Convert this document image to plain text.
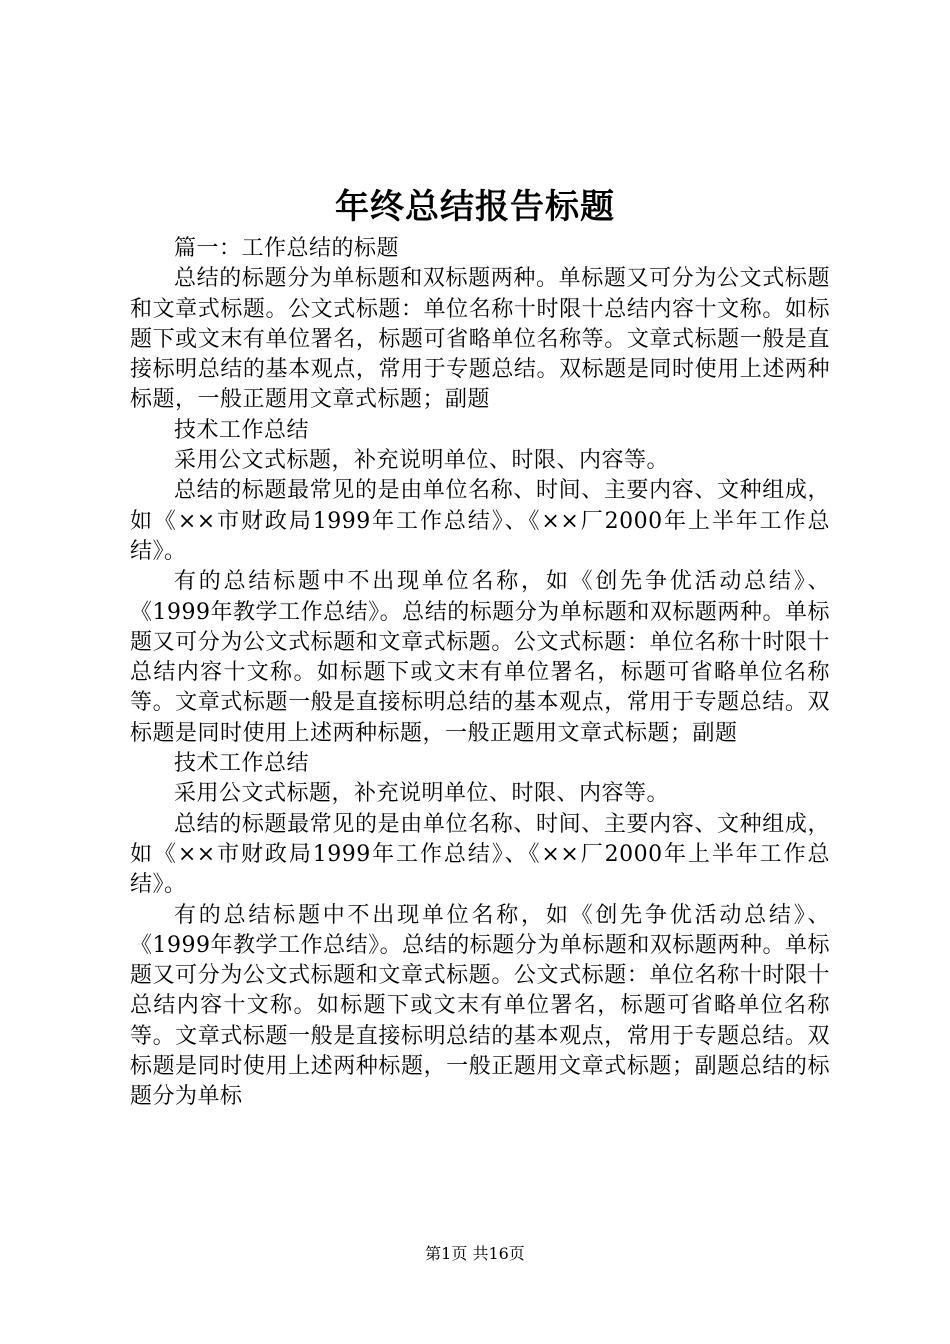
年终总结报告标题

篇一：工作总结的标题

总结的标题分为单标题和双标题两种。单标题又可分为公文式标题和文章式标题。公文式标题：单位名称十时限十总结内容十文称。如标题下或文末有单位署名，标题可省略单位名称等。文章式标题一般是直接标明总结的基本观点，常用于专题总结。双标题是同时使用上述两种标题，一般正题用文章式标题；副题

技术工作总结

采用公文式标题，补充说明单位、时限、内容等。

总结的标题最常见的是由单位名称、时间、主要内容、文种组成，如《××市财政局1999年工作总结》、《××厂2000年上半年工作总结》。

有的总结标题中不出现单位名称，如《创先争优活动总结》、《1999年教学工作总结》。总结的标题分为单标题和双标题两种。单标题又可分为公文式标题和文章式标题。公文式标题：单位名称十时限十总结内容十文称。如标题下或文末有单位署名，标题可省略单位名称等。文章式标题一般是直接标明总结的基本观点，常用于专题总结。双标题是同时使用上述两种标题，一般正题用文章式标题；副题

技术工作总结

采用公文式标题，补充说明单位、时限、内容等。

总结的标题最常见的是由单位名称、时间、主要内容、文种组成，如《××市财政局1999年工作总结》、《××厂2000年上半年工作总结》。

有的总结标题中不出现单位名称，如《创先争优活动总结》、《1999年教学工作总结》。总结的标题分为单标题和双标题两种。单标题又可分为公文式标题和文章式标题。公文式标题：单位名称十时限十总结内容十文称。如标题下或文末有单位署名，标题可省略单位名称等。文章式标题一般是直接标明总结的基本观点，常用于专题总结。双标题是同时使用上述两种标题，一般正题用文章式标题；副题总结的标题分为单标

第1页 共16页
